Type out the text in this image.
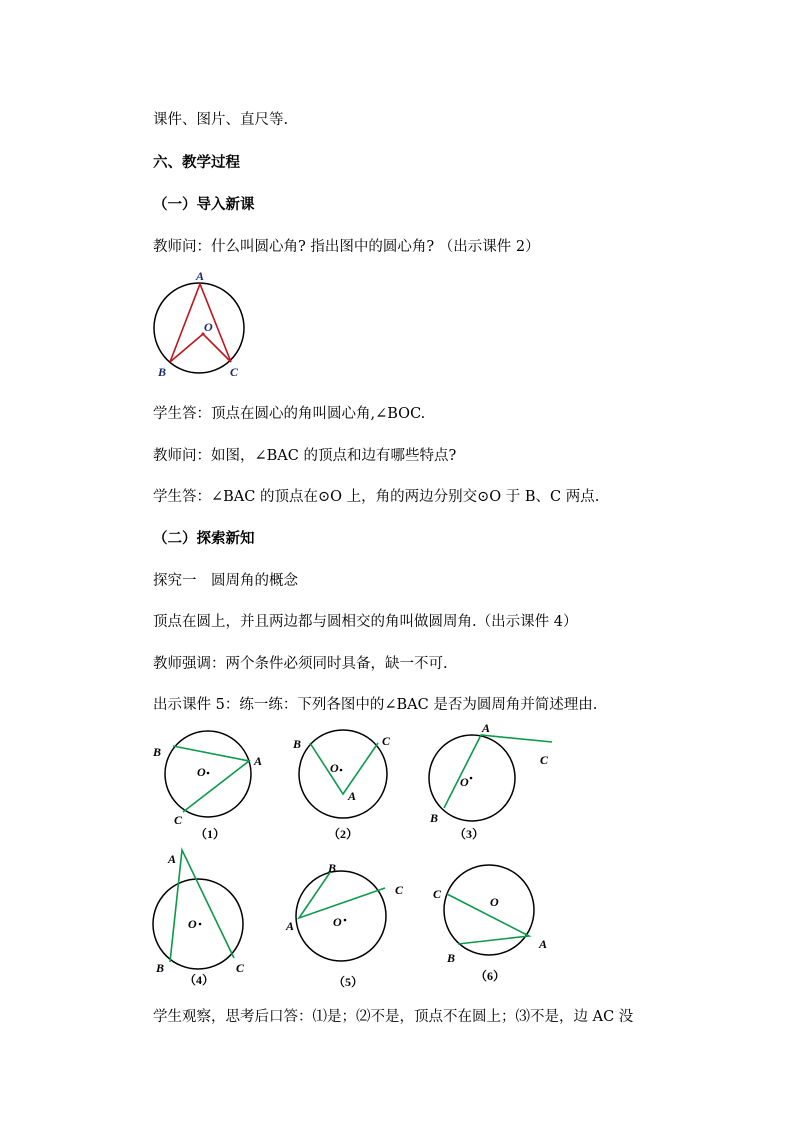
课件、图片、直尺等.
六、教学过程
（一）导入新课
教师问：什么叫圆心角? 指出图中的圆心角? （出示课件 2）
A
O
B	C
学生答：顶点在圆心的角叫圆心角,∠BOC.
教师问：如图，∠BAC 的顶点和边有哪些特点?
学生答：∠BAC 的顶点在⊙O 上，角的两边分别交⊙O 于 B、C 两点.
（二）探索新知
探究一　圆周角的概念
顶点在圆上，并且两边都与圆相交的角叫做圆周角.（出示课件 4）
教师强调：两个条件必须同时具备，缺一不可.
出示课件 5：练一练：下列各图中的∠BAC 是否为圆周角并简述理由.
B
A
C
O
（1）
B	C
A
O
（2）
A
C
B
O
（3）
A
B	C
O
（4）
B
C
A	O
（5）
C
O
A
B
（6）
学生观察，思考后口答：⑴是；⑵不是，顶点不在圆上；⑶不是，边 AC 没
